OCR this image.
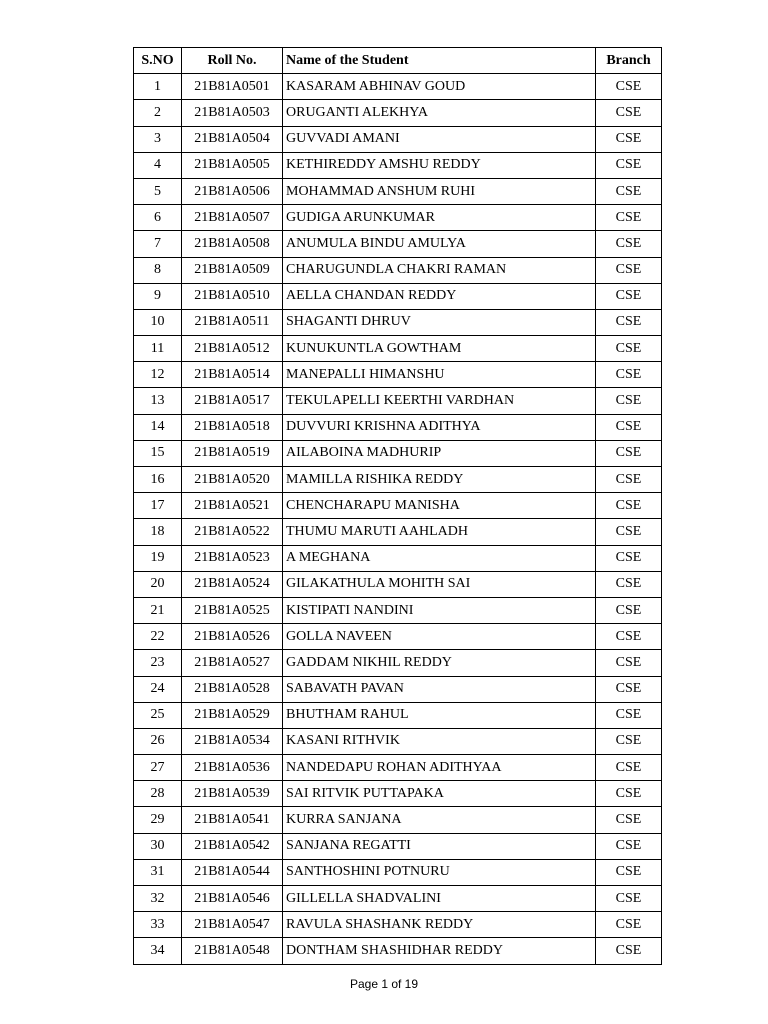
S.NO	Roll No.	Name of the Student	Branch
1	21B81A0501	KASARAM ABHINAV GOUD	CSE
2	21B81A0503	ORUGANTI ALEKHYA	CSE
3	21B81A0504	GUVVADI AMANI	CSE
4	21B81A0505	KETHIREDDY AMSHU REDDY	CSE
5	21B81A0506	MOHAMMAD ANSHUM RUHI	CSE
6	21B81A0507	GUDIGA ARUNKUMAR	CSE
7	21B81A0508	ANUMULA BINDU AMULYA	CSE
8	21B81A0509	CHARUGUNDLA CHAKRI RAMAN	CSE
9	21B81A0510	AELLA CHANDAN REDDY	CSE
10	21B81A0511	SHAGANTI DHRUV	CSE
11	21B81A0512	KUNUKUNTLA GOWTHAM	CSE
12	21B81A0514	MANEPALLI HIMANSHU	CSE
13	21B81A0517	TEKULAPELLI KEERTHI VARDHAN	CSE
14	21B81A0518	DUVVURI KRISHNA ADITHYA	CSE
15	21B81A0519	AILABOINA MADHURIP	CSE
16	21B81A0520	MAMILLA RISHIKA REDDY	CSE
17	21B81A0521	CHENCHARAPU MANISHA	CSE
18	21B81A0522	THUMU MARUTI AAHLADH	CSE
19	21B81A0523	A MEGHANA	CSE
20	21B81A0524	GILAKATHULA MOHITH SAI	CSE
21	21B81A0525	KISTIPATI NANDINI	CSE
22	21B81A0526	GOLLA NAVEEN	CSE
23	21B81A0527	GADDAM NIKHIL REDDY	CSE
24	21B81A0528	SABAVATH PAVAN	CSE
25	21B81A0529	BHUTHAM RAHUL	CSE
26	21B81A0534	KASANI RITHVIK	CSE
27	21B81A0536	NANDEDAPU ROHAN ADITHYAA	CSE
28	21B81A0539	SAI RITVIK PUTTAPAKA	CSE
29	21B81A0541	KURRA SANJANA	CSE
30	21B81A0542	SANJANA REGATTI	CSE
31	21B81A0544	SANTHOSHINI POTNURU	CSE
32	21B81A0546	GILLELLA SHADVALINI	CSE
33	21B81A0547	RAVULA SHASHANK REDDY	CSE
34	21B81A0548	DONTHAM SHASHIDHAR REDDY	CSE
Page 1 of 19
